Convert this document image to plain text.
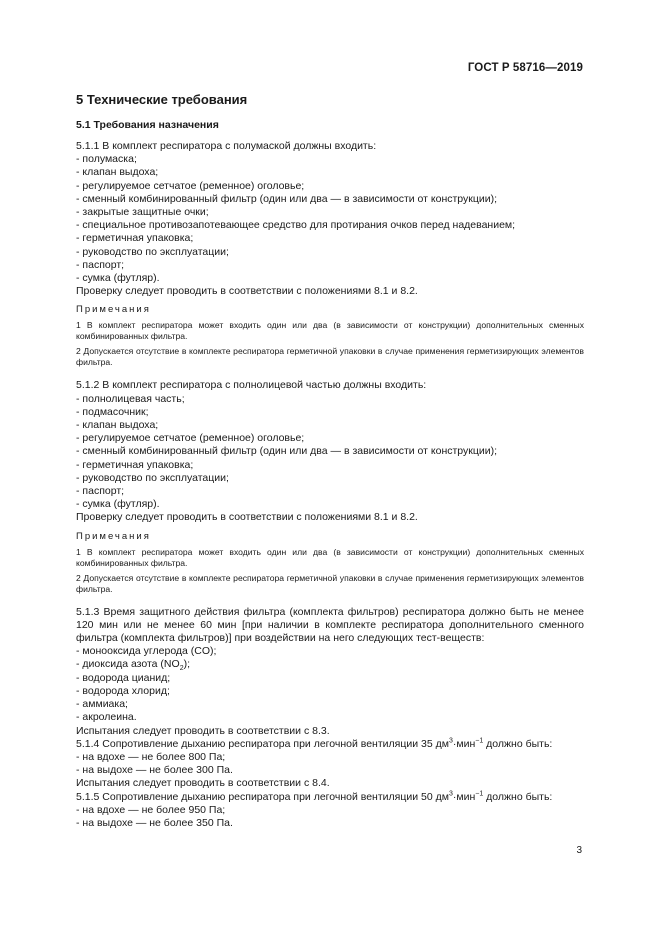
ГОСТ Р 58716—2019
5 Технические требования
5.1 Требования назначения
5.1.1 В комплект респиратора с полумаской должны входить:
- полумаска;
- клапан выдоха;
- регулируемое сетчатое (ременное) оголовье;
- сменный комбинированный фильтр (один или два — в зависимости от конструкции);
- закрытые защитные очки;
- специальное противозапотевающее средство для протирания очков перед надеванием;
- герметичная упаковка;
- руководство по эксплуатации;
- паспорт;
- сумка (футляр).
Проверку следует проводить в соответствии с положениями 8.1 и 8.2.
Примечания
1 В комплект респиратора может входить один или два (в зависимости от конструкции) дополнительных сменных комбинированных фильтра.
2 Допускается отсутствие в комплекте респиратора герметичной упаковки в случае применения герметизирующих элементов фильтра.
5.1.2 В комплект респиратора с полнолицевой частью должны входить:
- полнолицевая часть;
- подмасочник;
- клапан выдоха;
- регулируемое сетчатое (ременное) оголовье;
- сменный комбинированный фильтр (один или два — в зависимости от конструкции);
- герметичная упаковка;
- руководство по эксплуатации;
- паспорт;
- сумка (футляр).
Проверку следует проводить в соответствии с положениями 8.1 и 8.2.
Примечания
1 В комплект респиратора может входить один или два (в зависимости от конструкции) дополнительных сменных комбинированных фильтра.
2 Допускается отсутствие в комплекте респиратора герметичной упаковки в случае применения герметизирующих элементов фильтра.
5.1.3 Время защитного действия фильтра (комплекта фильтров) респиратора должно быть не менее 120 мин или не менее 60 мин [при наличии в комплекте респиратора дополнительного сменного фильтра (комплекта фильтров)] при воздействии на него следующих тест-веществ:
- монооксида углерода (CO);
- диоксида азота $(NO_2)$;
- водорода цианид;
- водорода хлорид;
- аммиака;
- акролеина.
Испытания следует проводить в соответствии с 8.3.
5.1.4 Сопротивление дыханию респиратора при легочной вентиляции 35 $дм^3\cdot мин^{-1}$ должно быть:
- на вдохе — не более 800 Па;
- на выдохе — не более 300 Па.
Испытания следует проводить в соответствии с 8.4.
5.1.5 Сопротивление дыханию респиратора при легочной вентиляции 50 $дм^3\cdot мин^{-1}$ должно быть:
- на вдохе — не более 950 Па;
- на выдохе — не более 350 Па.
3
